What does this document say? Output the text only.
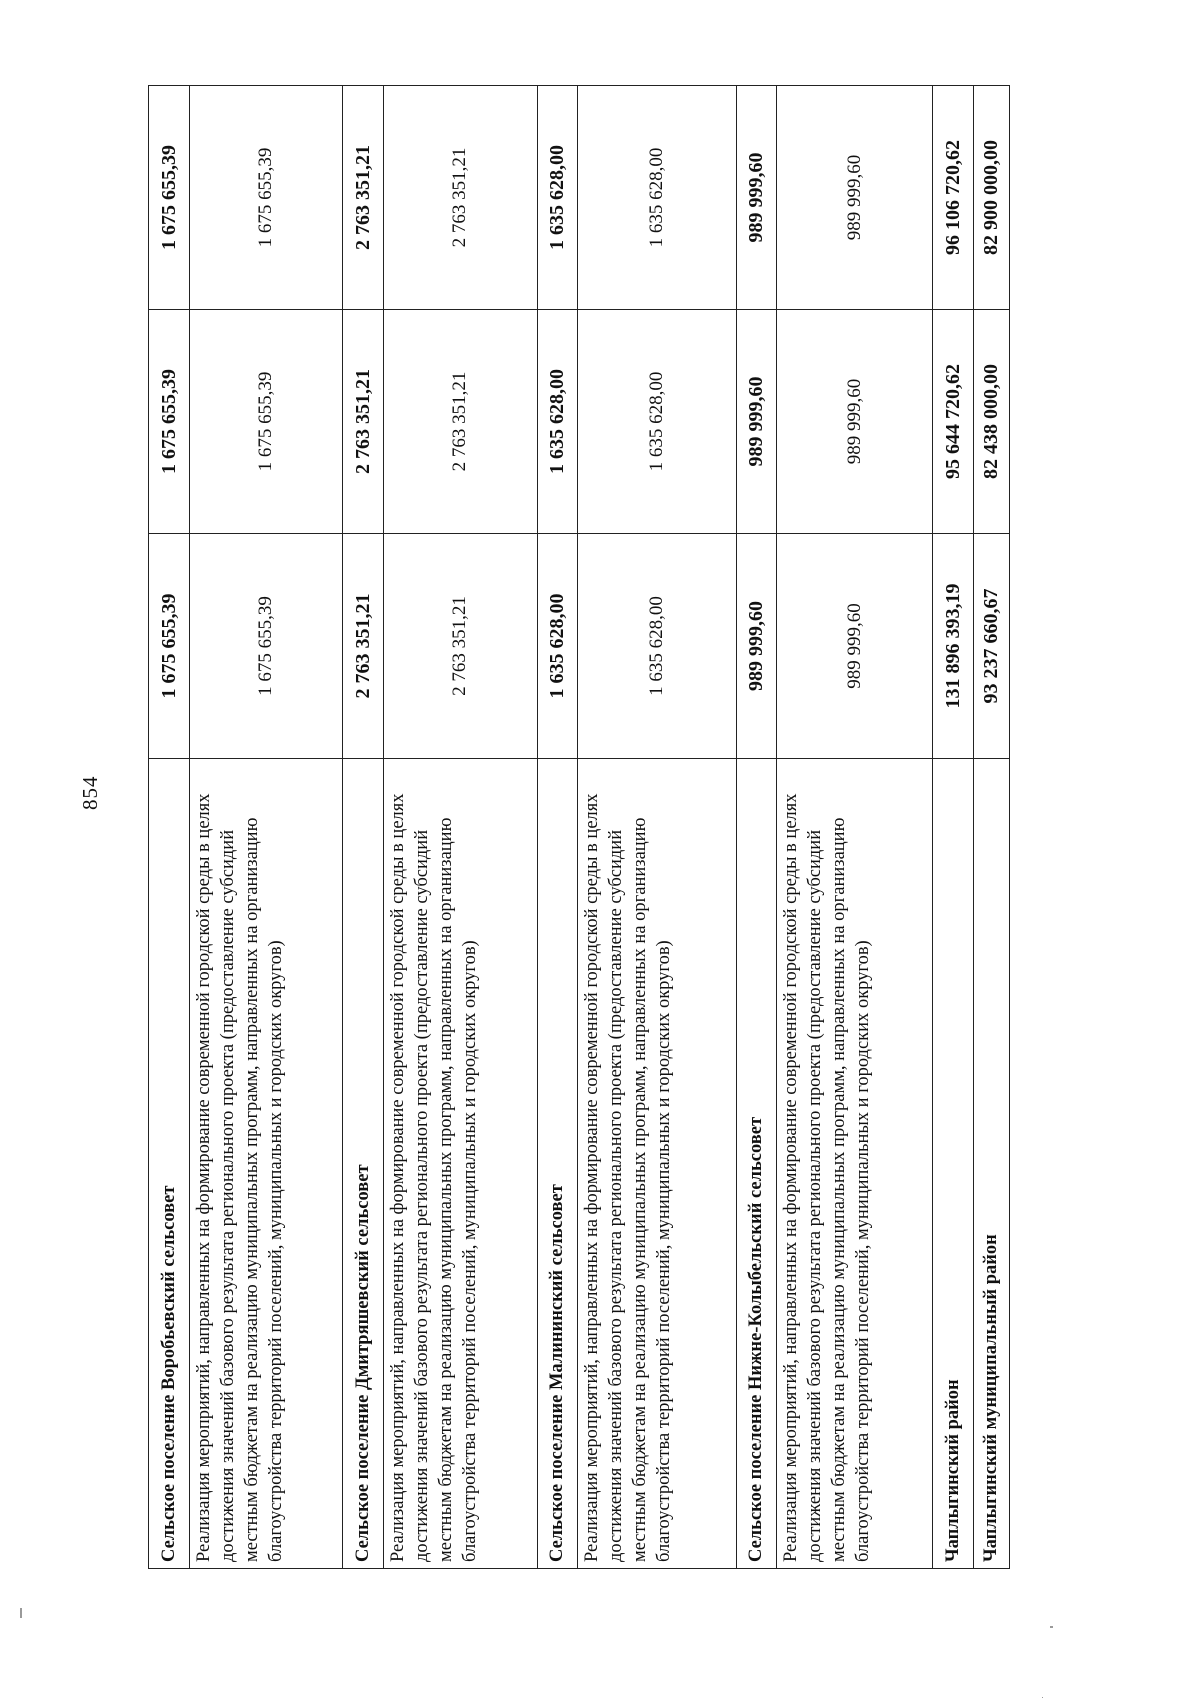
854
Сельское поселение Воробьевский сельсовет	1 675 655,39	1 675 655,39	1 675 655,39
Реализация мероприятий, направленных на формирование современной городской среды в целях достижения значений базового результата регионального проекта (предоставление субсидий местным бюджетам на реализацию муниципальных программ, направленных на организацию благоустройства территорий поселений, муниципальных и городских округов)	1 675 655,39	1 675 655,39	1 675 655,39
Сельское поселение Дмитряшевский сельсовет	2 763 351,21	2 763 351,21	2 763 351,21
Реализация мероприятий, направленных на формирование современной городской среды в целях достижения значений базового результата регионального проекта (предоставление субсидий местным бюджетам на реализацию муниципальных программ, направленных на организацию благоустройства территорий поселений, муниципальных и городских округов)	2 763 351,21	2 763 351,21	2 763 351,21
Сельское поселение Малининский сельсовет	1 635 628,00	1 635 628,00	1 635 628,00
Реализация мероприятий, направленных на формирование современной городской среды в целях достижения значений базового результата регионального проекта (предоставление субсидий местным бюджетам на реализацию муниципальных программ, направленных на организацию благоустройства территорий поселений, муниципальных и городских округов)	1 635 628,00	1 635 628,00	1 635 628,00
Сельское поселение Нижне-Колыбельский сельсовет	989 999,60	989 999,60	989 999,60
Реализация мероприятий, направленных на формирование современной городской среды в целях достижения значений базового результата регионального проекта (предоставление субсидий местным бюджетам на реализацию муниципальных программ, направленных на организацию благоустройства территорий поселений, муниципальных и городских округов)	989 999,60	989 999,60	989 999,60
Чаплыгинский район	131 896 393,19	95 644 720,62	96 106 720,62
Чаплыгинский муниципальный район	93 237 660,67	82 438 000,00	82 900 000,00
